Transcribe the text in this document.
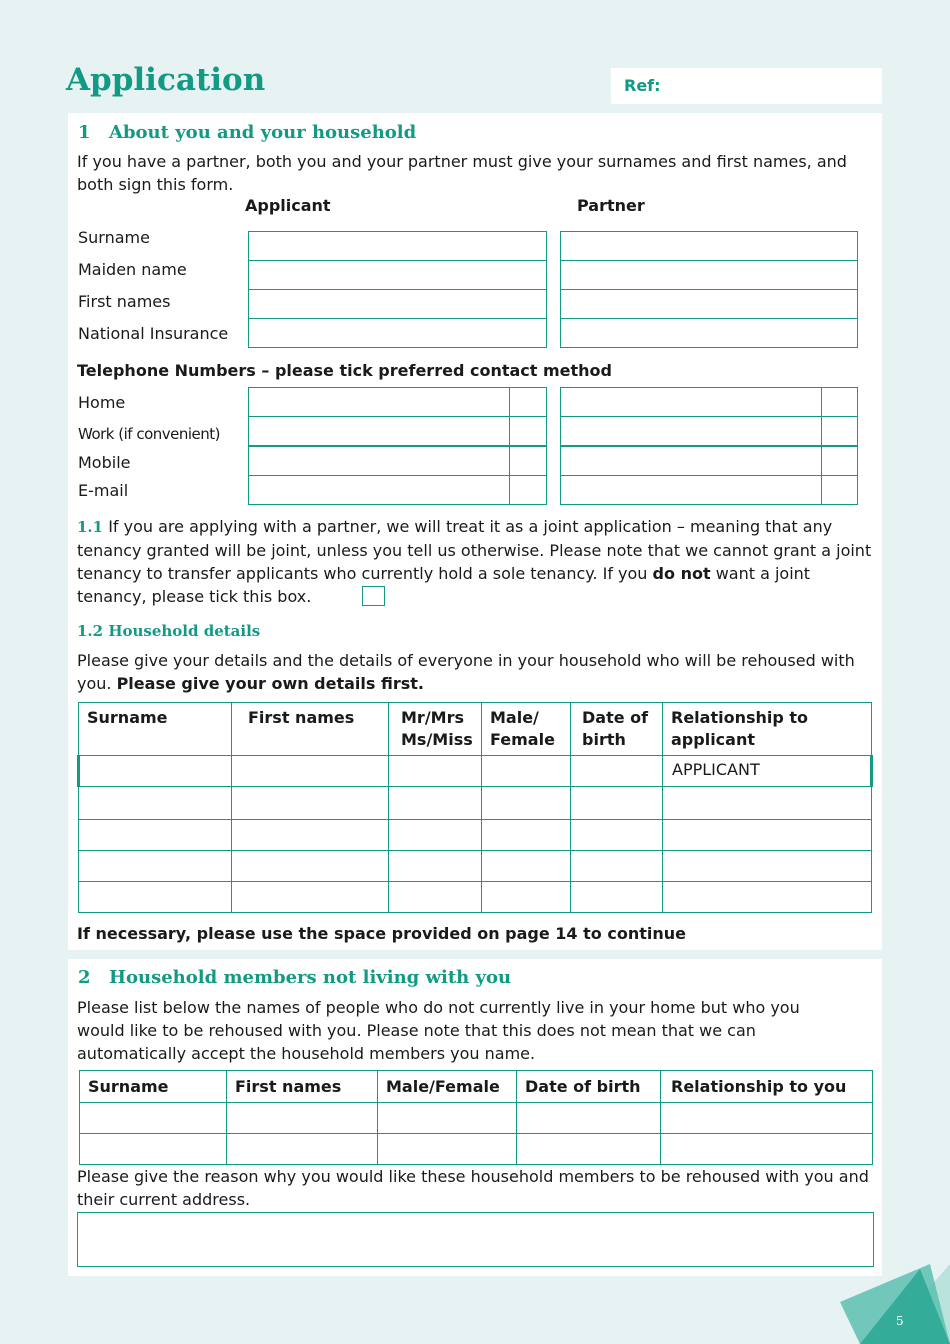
Application	Ref:
1 About you and your household
If you have a partner, both you and your partner must give your surnames and first names, and both sign this form.
Applicant	Partner
Surname
Maiden name
First names
National Insurance
Telephone Numbers – please tick preferred contact method
Home
Work (if convenient)
Mobile
E-mail
1.1 If you are applying with a partner, we will treat it as a joint application – meaning that any tenancy granted will be joint, unless you tell us otherwise. Please note that we cannot grant a joint tenancy to transfer applicants who currently hold a sole tenancy. If you do not want a joint tenancy, please tick this box.
1.2 Household details
Please give your details and the details of everyone in your household who will be rehoused with you. Please give your own details first.
Surname	First names	Mr/Mrs Ms/Miss	Male/ Female	Date of birth	Relationship to applicant
					APPLICANT

If necessary, please use the space provided on page 14 to continue
2 Household members not living with you
Please list below the names of people who do not currently live in your home but who you would like to be rehoused with you. Please note that this does not mean that we can automatically accept the household members you name.
Surname	First names	Male/Female	Date of birth	Relationship to you

Please give the reason why you would like these household members to be rehoused with you and their current address.
5
